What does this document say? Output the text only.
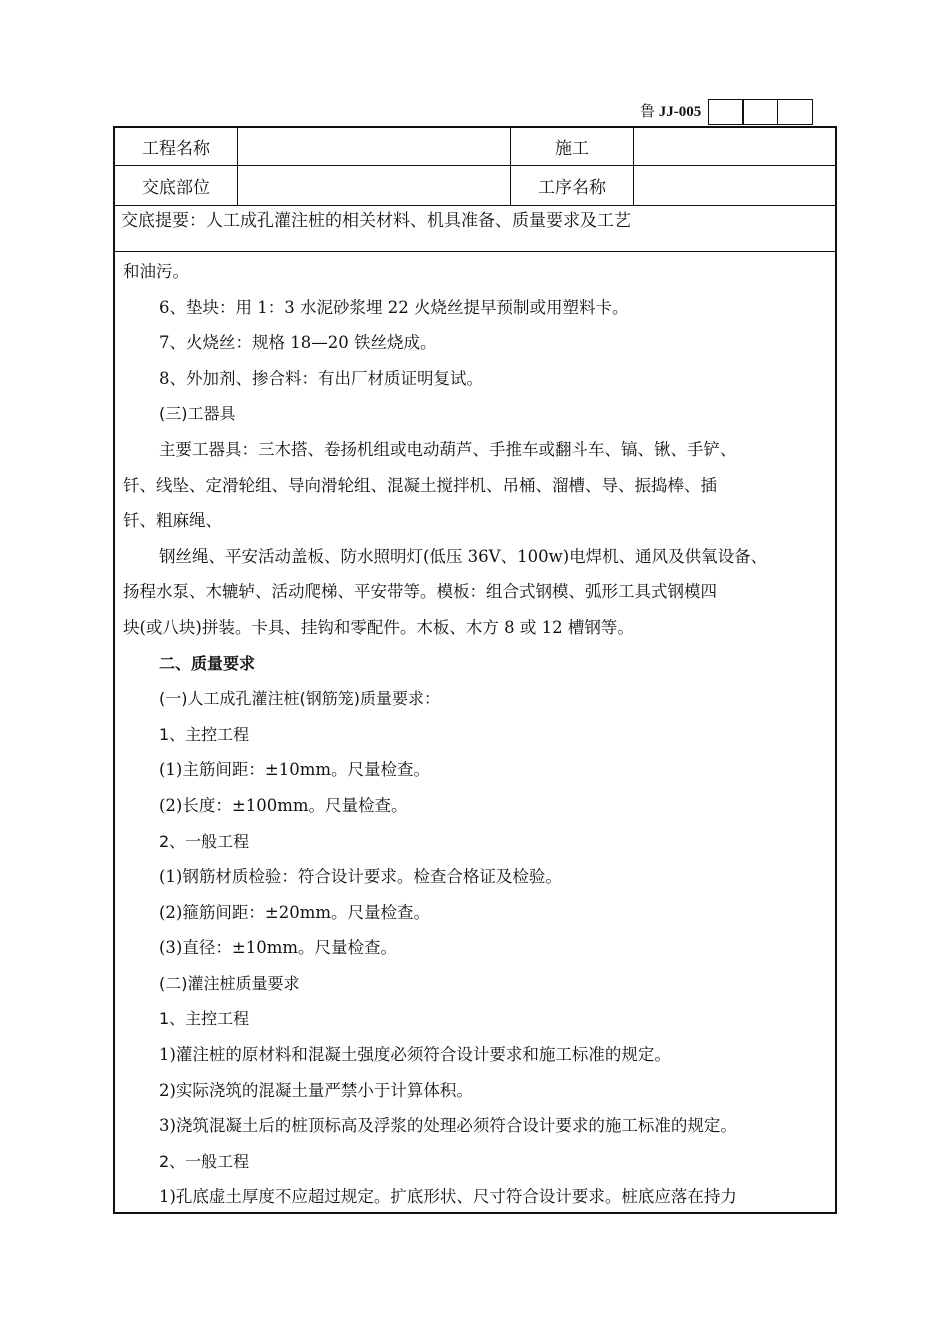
鲁 JJ-005
工程名称	施工
交底部位	工序名称
交底提要：人工成孔灌注桩的相关材料、机具准备、质量要求及工艺
和油污。
6、垫块：用 1：3 水泥砂浆埋 22 火烧丝提早预制或用塑料卡。
7、火烧丝：规格 18—20 铁丝烧成。
8、外加剂、掺合料：有出厂材质证明复试。
(三)工器具
主要工器具：三木搭、卷扬机组或电动葫芦、手推车或翻斗车、镐、锹、手铲、
钎、线坠、定滑轮组、导向滑轮组、混凝土搅拌机、吊桶、溜槽、导、振捣棒、插
钎、粗麻绳、
钢丝绳、平安活动盖板、防水照明灯(低压 36V、100w)电焊机、通风及供氧设备、
扬程水泵、木辘轳、活动爬梯、平安带等。模板：组合式钢模、弧形工具式钢模四
块(或八块)拼装。卡具、挂钩和零配件。木板、木方 8 或 12 槽钢等。
二、质量要求
(一)人工成孔灌注桩(钢筋笼)质量要求：
1、主控工程
(1)主筋间距：±10mm。尺量检查。
(2)长度：±100mm。尺量检查。
2、一般工程
(1)钢筋材质检验：符合设计要求。检查合格证及检验。
(2)箍筋间距：±20mm。尺量检查。
(3)直径：±10mm。尺量检查。
(二)灌注桩质量要求
1、主控工程
1)灌注桩的原材料和混凝土强度必须符合设计要求和施工标准的规定。
2)实际浇筑的混凝土量严禁小于计算体积。
3)浇筑混凝土后的桩顶标高及浮浆的处理必须符合设计要求的施工标准的规定。
2、一般工程
1)孔底虚土厚度不应超过规定。扩底形状、尺寸符合设计要求。桩底应落在持力
